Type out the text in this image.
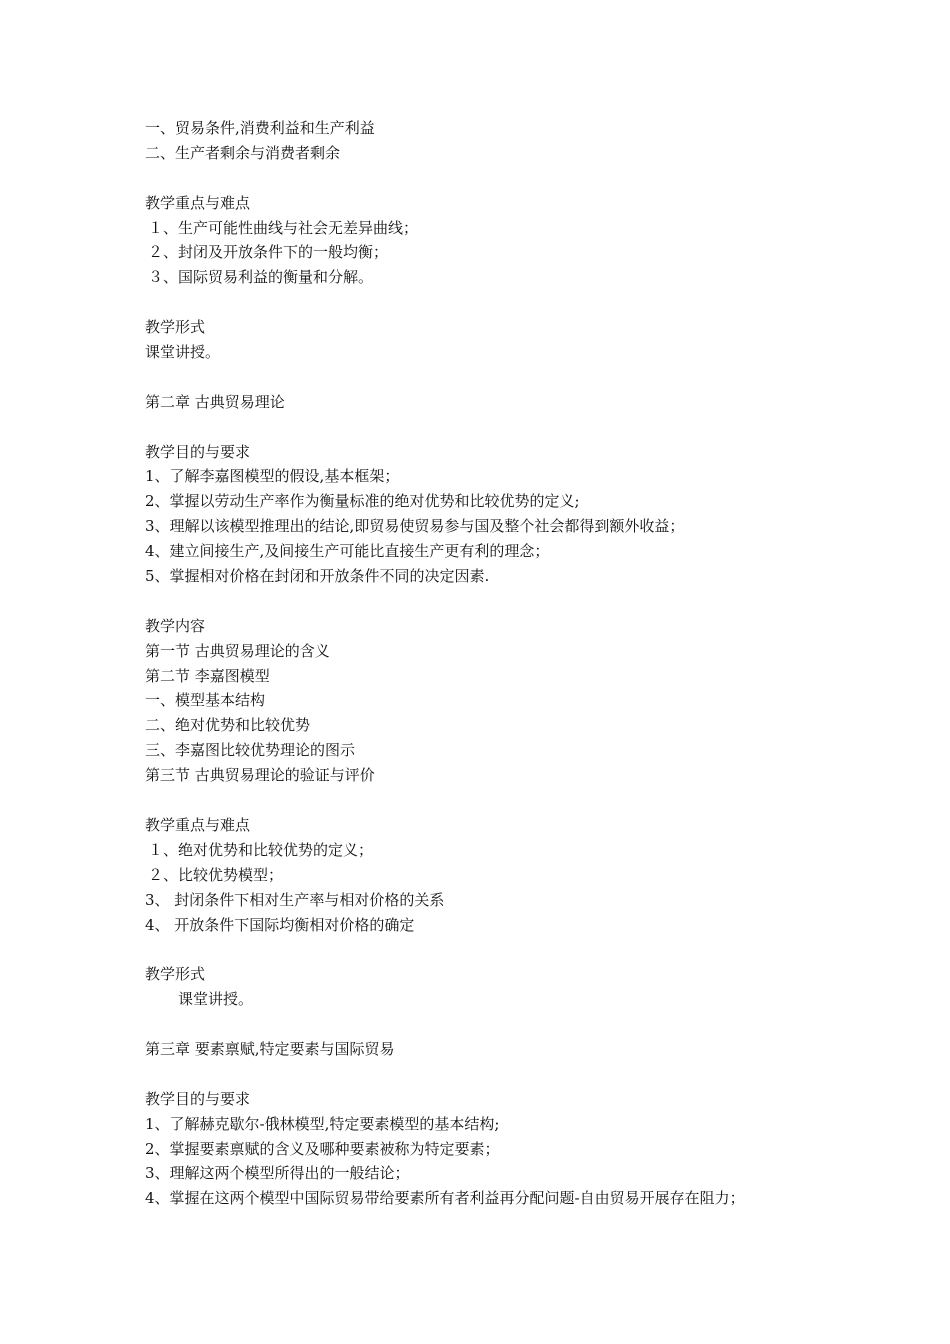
一、贸易条件,消费利益和生产利益
二、生产者剩余与消费者剩余
教学重点与难点
１、生产可能性曲线与社会无差异曲线；
２、封闭及开放条件下的一般均衡；
３、国际贸易利益的衡量和分解。
教学形式
课堂讲授。
第二章 古典贸易理论
教学目的与要求
1、了解李嘉图模型的假设,基本框架；
2、掌握以劳动生产率作为衡量标准的绝对优势和比较优势的定义;
3、理解以该模型推理出的结论,即贸易使贸易参与国及整个社会都得到额外收益；
4、建立间接生产,及间接生产可能比直接生产更有利的理念；
5、掌握相对价格在封闭和开放条件不同的决定因素.
教学内容
第一节 古典贸易理论的含义
第二节 李嘉图模型
一、模型基本结构
二、绝对优势和比较优势
三、李嘉图比较优势理论的图示
第三节 古典贸易理论的验证与评价
教学重点与难点
１、绝对优势和比较优势的定义；
２、比较优势模型；
3、 封闭条件下相对生产率与相对价格的关系
4、 开放条件下国际均衡相对价格的确定
教学形式
课堂讲授。
第三章 要素禀赋,特定要素与国际贸易
教学目的与要求
1、了解赫克歇尔-俄林模型,特定要素模型的基本结构;
2、掌握要素禀赋的含义及哪种要素被称为特定要素；
3、理解这两个模型所得出的一般结论；
4、掌握在这两个模型中国际贸易带给要素所有者利益再分配问题-自由贸易开展存在阻力；
